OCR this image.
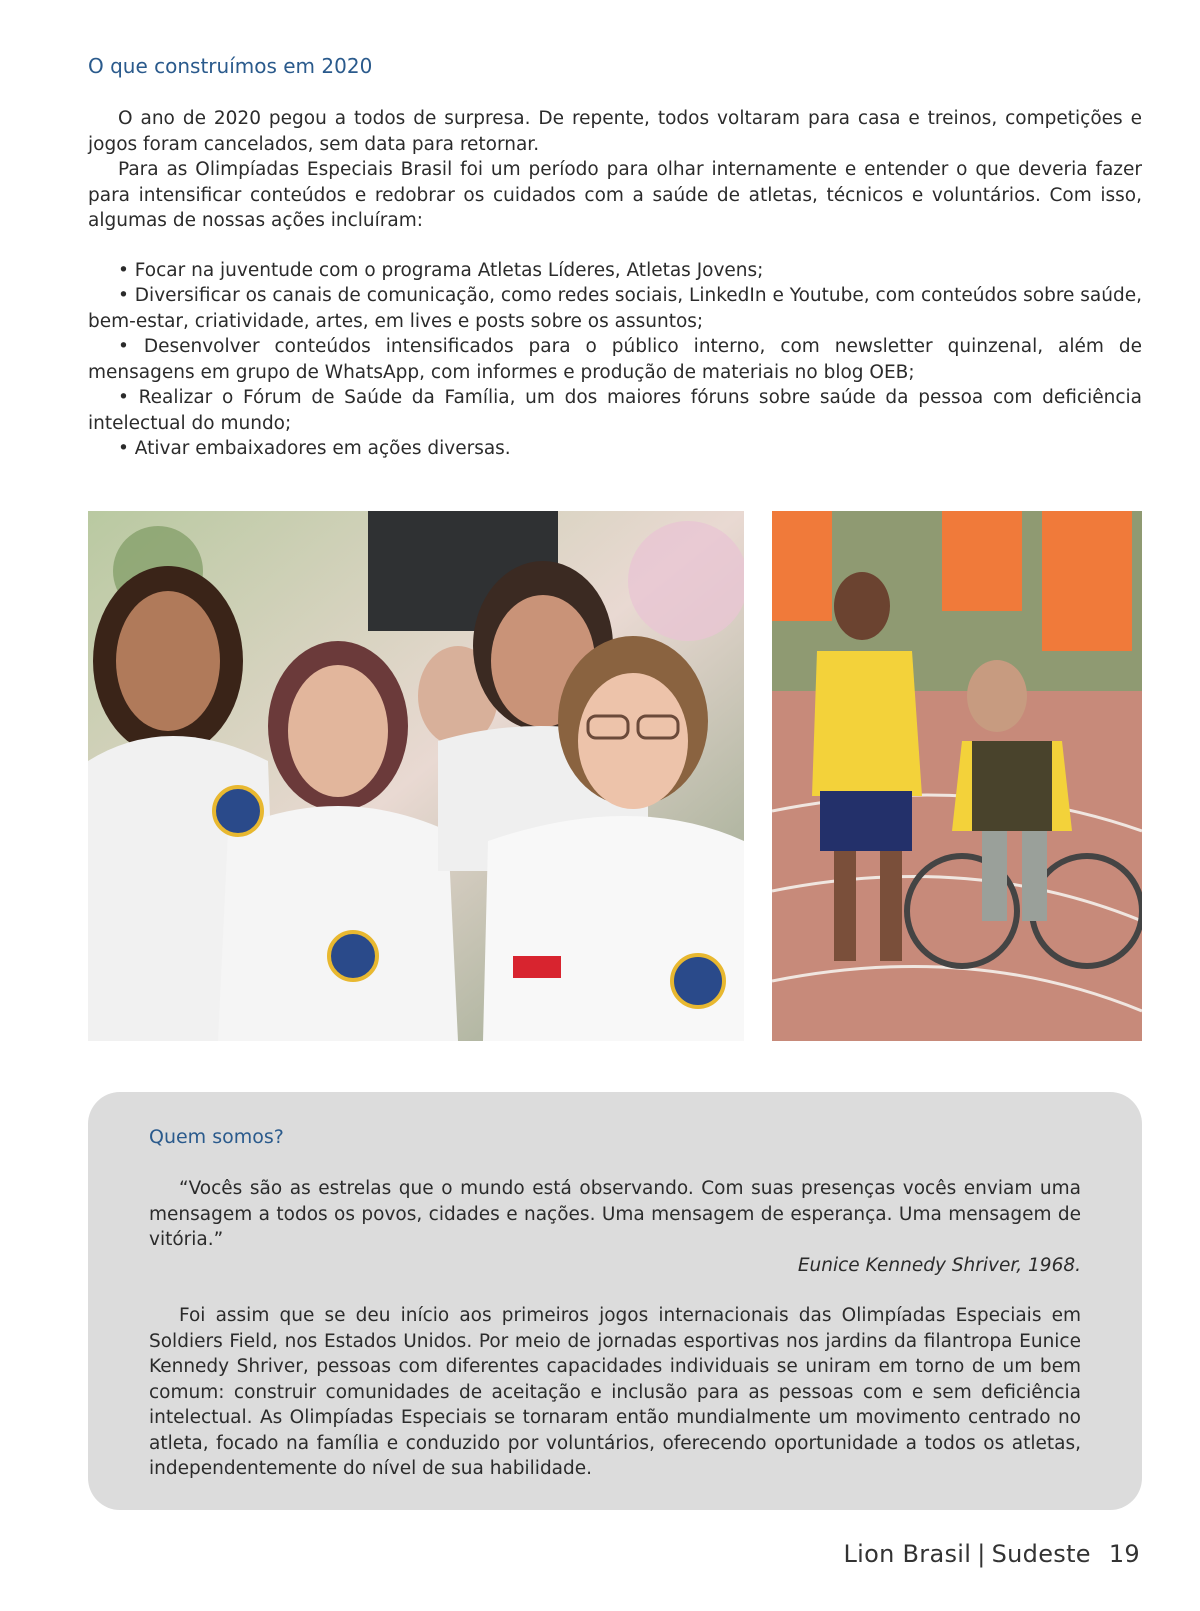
O que construímos em 2020

O ano de 2020 pegou a todos de surpresa. De repente, todos voltaram para casa e treinos, competições e jogos foram cancelados, sem data para retornar.

Para as Olimpíadas Especiais Brasil foi um período para olhar internamente e entender o que deveria fazer para intensificar conteúdos e redobrar os cuidados com a saúde de atletas, técnicos e voluntários. Com isso, algumas de nossas ações incluíram:

• Focar na juventude com o programa Atletas Líderes, Atletas Jovens;
• Diversificar os canais de comunicação, como redes sociais, LinkedIn e Youtube, com conteúdos sobre saúde, bem-estar, criatividade, artes, em lives e posts sobre os assuntos;
• Desenvolver conteúdos intensificados para o público interno, com newsletter quinzenal, além de mensagens em grupo de WhatsApp, com informes e produção de materiais no blog OEB;
• Realizar o Fórum de Saúde da Família, um dos maiores fóruns sobre saúde da pessoa com deficiência intelectual do mundo;
• Ativar embaixadores em ações diversas.
Quem somos?

“Vocês são as estrelas que o mundo está observando. Com suas presenças vocês enviam uma mensagem a todos os povos, cidades e nações. Uma mensagem de esperança. Uma mensagem de vitória.”

Eunice Kennedy Shriver, 1968.

Foi assim que se deu início aos primeiros jogos internacionais das Olimpíadas Especiais em Soldiers Field, nos Estados Unidos. Por meio de jornadas esportivas nos jardins da filantropa Eunice Kennedy Shriver, pessoas com diferentes capacidades individuais se uniram em torno de um bem comum: construir comunidades de aceitação e inclusão para as pessoas com e sem deficiência intelectual. As Olimpíadas Especiais se tornaram então mundialmente um movimento centrado no atleta, focado na família e conduzido por voluntários, oferecendo oportunidade a todos os atletas, independentemente do nível de sua habilidade.

Lion Brasil | Sudeste 19
